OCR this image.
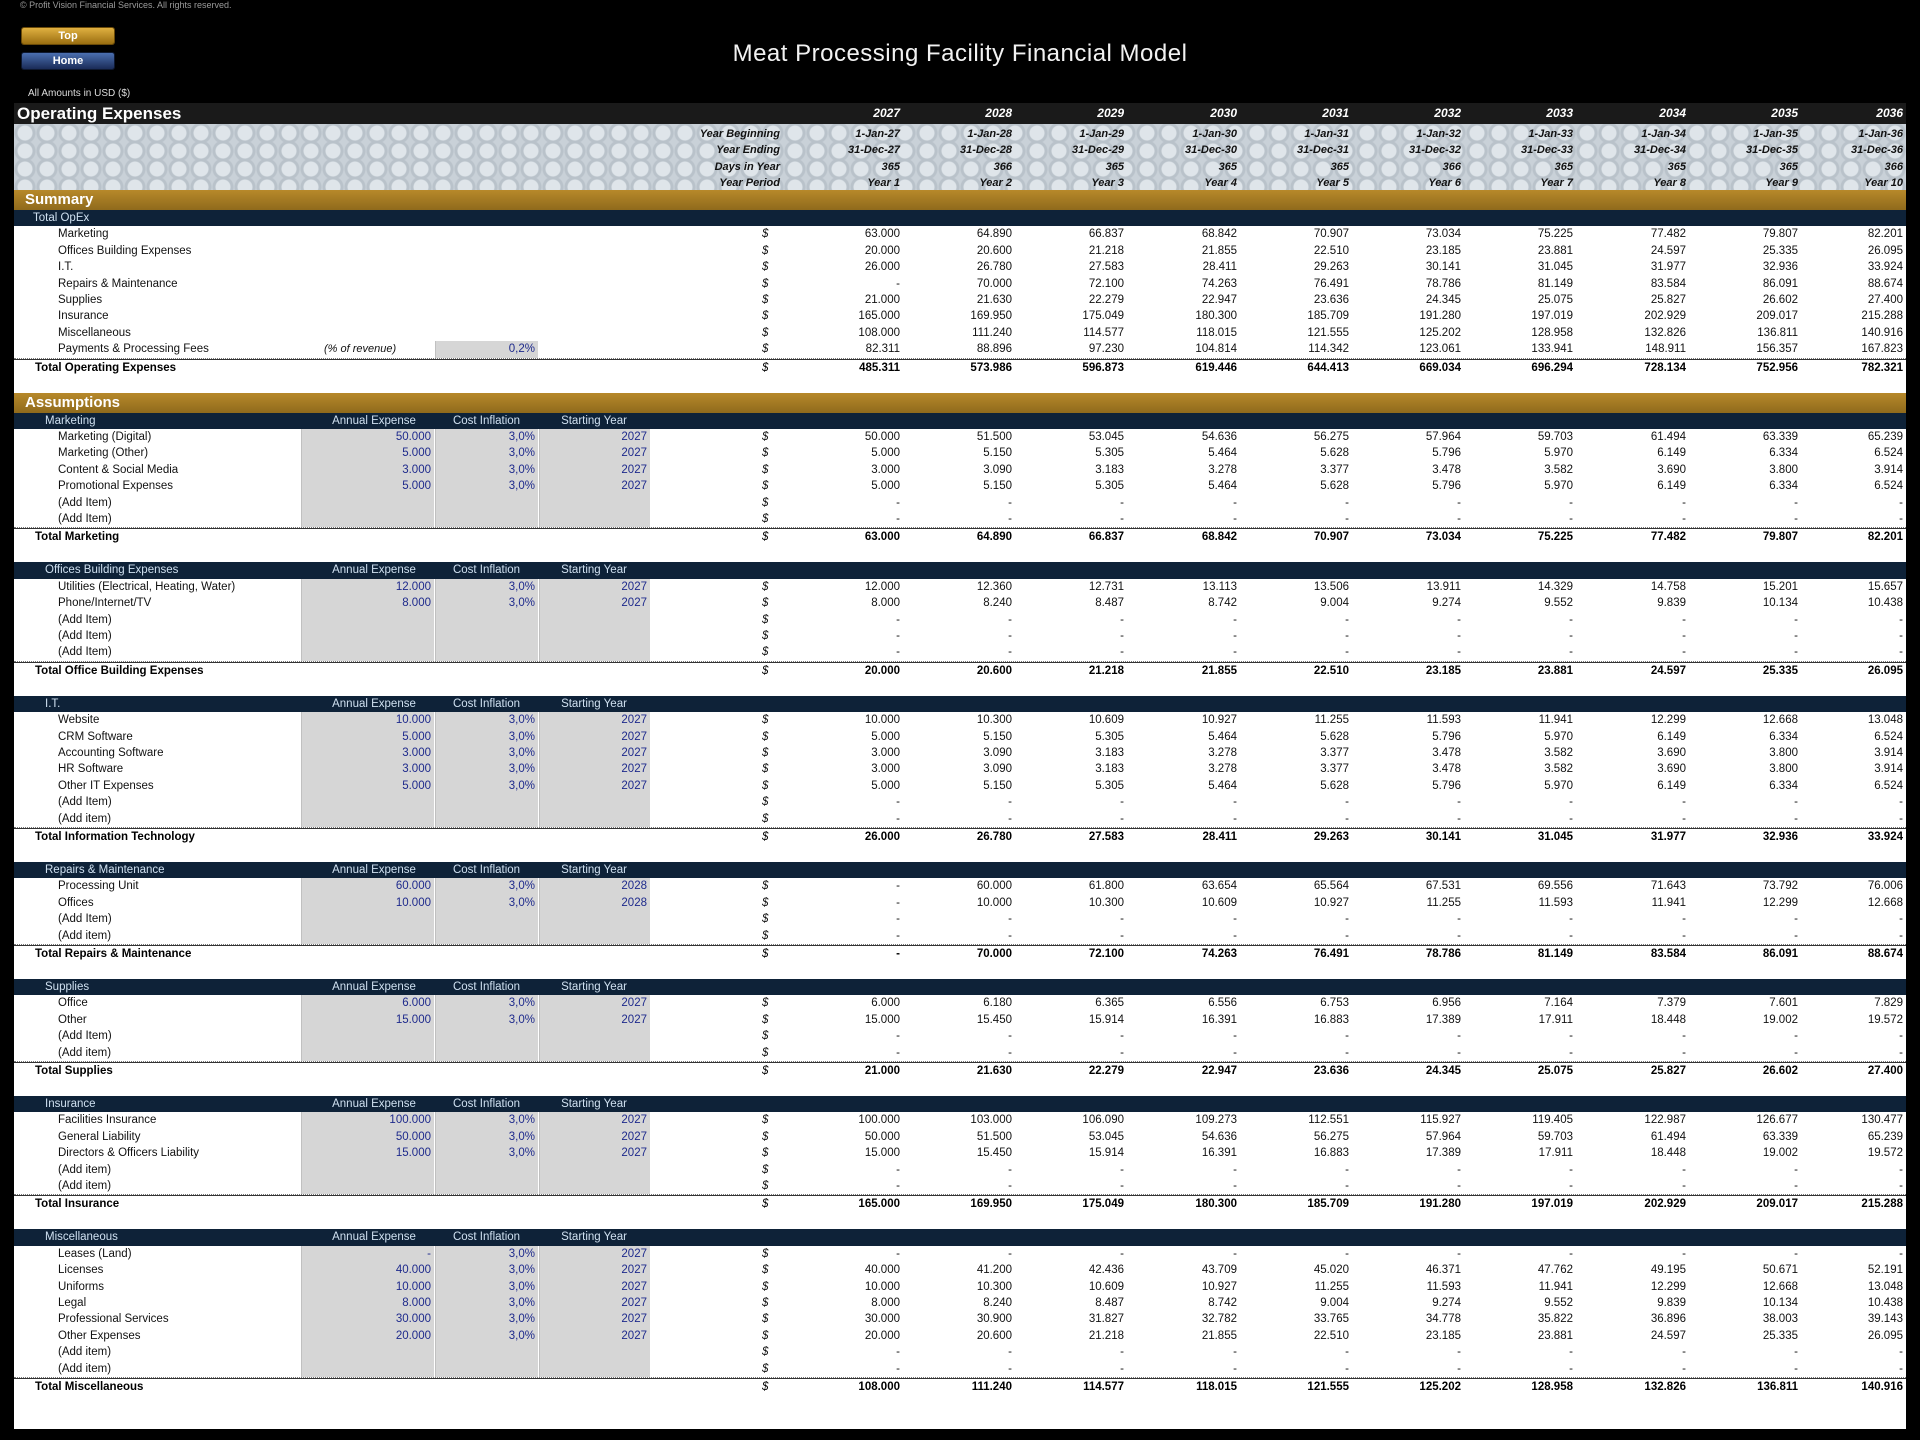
© Profit Vision Financial Services. All rights reserved.
Top
Home	Meat Processing Facility Financial Model
All Amounts in USD ($)
Operating Expenses	2027	2028	2029	2030	2031	2032	2033	2034	2035	2036
Year Beginning	1-Jan-27	1-Jan-28	1-Jan-29	1-Jan-30	1-Jan-31	1-Jan-32	1-Jan-33	1-Jan-34	1-Jan-35	1-Jan-36
Year Ending	31-Dec-27	31-Dec-28	31-Dec-29	31-Dec-30	31-Dec-31	31-Dec-32	31-Dec-33	31-Dec-34	31-Dec-35	31-Dec-36
Days in Year	365	366	365	365	365	366	365	365	365	366
Year Period	Year 1	Year 2	Year 3	Year 4	Year 5	Year 6	Year 7	Year 8	Year 9	Year 10
Summary
Total OpEx
Marketing	$	63.000	64.890	66.837	68.842	70.907	73.034	75.225	77.482	79.807	82.201
Offices Building Expenses	$	20.000	20.600	21.218	21.855	22.510	23.185	23.881	24.597	25.335	26.095
I.T.	$	26.000	26.780	27.583	28.411	29.263	30.141	31.045	31.977	32.936	33.924
Repairs & Maintenance	$	-	70.000	72.100	74.263	76.491	78.786	81.149	83.584	86.091	88.674
Supplies	$	21.000	21.630	22.279	22.947	23.636	24.345	25.075	25.827	26.602	27.400
Insurance	$	165.000	169.950	175.049	180.300	185.709	191.280	197.019	202.929	209.017	215.288
Miscellaneous	$	108.000	111.240	114.577	118.015	121.555	125.202	128.958	132.826	136.811	140.916
Payments & Processing Fees	(% of revenue)	0,2%	$	82.311	88.896	97.230	104.814	114.342	123.061	133.941	148.911	156.357	167.823
Total Operating Expenses	$	485.311	573.986	596.873	619.446	644.413	669.034	696.294	728.134	752.956	782.321
Assumptions
Marketing	Annual Expense	Cost Inflation	Starting Year
Marketing (Digital)	50.000	3,0%	2027	$	50.000	51.500	53.045	54.636	56.275	57.964	59.703	61.494	63.339	65.239
Marketing (Other)	5.000	3,0%	2027	$	5.000	5.150	5.305	5.464	5.628	5.796	5.970	6.149	6.334	6.524
Content & Social Media	3.000	3,0%	2027	$	3.000	3.090	3.183	3.278	3.377	3.478	3.582	3.690	3.800	3.914
Promotional Expenses	5.000	3,0%	2027	$	5.000	5.150	5.305	5.464	5.628	5.796	5.970	6.149	6.334	6.524
(Add Item)	$	-	-	-	-	-	-	-	-	-	-
(Add Item)	$	-	-	-	-	-	-	-	-	-	-
Total Marketing	$	63.000	64.890	66.837	68.842	70.907	73.034	75.225	77.482	79.807	82.201
Offices Building Expenses	Annual Expense	Cost Inflation	Starting Year
Utilities (Electrical, Heating, Water)	12.000	3,0%	2027	$	12.000	12.360	12.731	13.113	13.506	13.911	14.329	14.758	15.201	15.657
Phone/Internet/TV	8.000	3,0%	2027	$	8.000	8.240	8.487	8.742	9.004	9.274	9.552	9.839	10.134	10.438
(Add Item)	$	-	-	-	-	-	-	-	-	-	-
(Add Item)	$	-	-	-	-	-	-	-	-	-	-
(Add Item)	$	-	-	-	-	-	-	-	-	-	-
Total Office Building Expenses	$	20.000	20.600	21.218	21.855	22.510	23.185	23.881	24.597	25.335	26.095
I.T.	Annual Expense	Cost Inflation	Starting Year
Website	10.000	3,0%	2027	$	10.000	10.300	10.609	10.927	11.255	11.593	11.941	12.299	12.668	13.048
CRM Software	5.000	3,0%	2027	$	5.000	5.150	5.305	5.464	5.628	5.796	5.970	6.149	6.334	6.524
Accounting Software	3.000	3,0%	2027	$	3.000	3.090	3.183	3.278	3.377	3.478	3.582	3.690	3.800	3.914
HR Software	3.000	3,0%	2027	$	3.000	3.090	3.183	3.278	3.377	3.478	3.582	3.690	3.800	3.914
Other IT Expenses	5.000	3,0%	2027	$	5.000	5.150	5.305	5.464	5.628	5.796	5.970	6.149	6.334	6.524
(Add Item)	$	-	-	-	-	-	-	-	-	-	-
(Add item)	$	-	-	-	-	-	-	-	-	-	-
Total Information Technology	$	26.000	26.780	27.583	28.411	29.263	30.141	31.045	31.977	32.936	33.924
Repairs & Maintenance	Annual Expense	Cost Inflation	Starting Year
Processing Unit	60.000	3,0%	2028	$	-	60.000	61.800	63.654	65.564	67.531	69.556	71.643	73.792	76.006
Offices	10.000	3,0%	2028	$	-	10.000	10.300	10.609	10.927	11.255	11.593	11.941	12.299	12.668
(Add Item)	$	-	-	-	-	-	-	-	-	-	-
(Add item)	$	-	-	-	-	-	-	-	-	-	-
Total Repairs & Maintenance	$	-	70.000	72.100	74.263	76.491	78.786	81.149	83.584	86.091	88.674
Supplies	Annual Expense	Cost Inflation	Starting Year
Office	6.000	3,0%	2027	$	6.000	6.180	6.365	6.556	6.753	6.956	7.164	7.379	7.601	7.829
Other	15.000	3,0%	2027	$	15.000	15.450	15.914	16.391	16.883	17.389	17.911	18.448	19.002	19.572
(Add Item)	$	-	-	-	-	-	-	-	-	-	-
(Add item)	$	-	-	-	-	-	-	-	-	-	-
Total Supplies	$	21.000	21.630	22.279	22.947	23.636	24.345	25.075	25.827	26.602	27.400
Insurance	Annual Expense	Cost Inflation	Starting Year
Facilities Insurance	100.000	3,0%	2027	$	100.000	103.000	106.090	109.273	112.551	115.927	119.405	122.987	126.677	130.477
General Liability	50.000	3,0%	2027	$	50.000	51.500	53.045	54.636	56.275	57.964	59.703	61.494	63.339	65.239
Directors & Officers Liability	15.000	3,0%	2027	$	15.000	15.450	15.914	16.391	16.883	17.389	17.911	18.448	19.002	19.572
(Add item)	$	-	-	-	-	-	-	-	-	-	-
(Add item)	$	-	-	-	-	-	-	-	-	-	-
Total Insurance	$	165.000	169.950	175.049	180.300	185.709	191.280	197.019	202.929	209.017	215.288
Miscellaneous	Annual Expense	Cost Inflation	Starting Year
Leases (Land)	-	3,0%	2027	$	-	-	-	-	-	-	-	-	-	-
Licenses	40.000	3,0%	2027	$	40.000	41.200	42.436	43.709	45.020	46.371	47.762	49.195	50.671	52.191
Uniforms	10.000	3,0%	2027	$	10.000	10.300	10.609	10.927	11.255	11.593	11.941	12.299	12.668	13.048
Legal	8.000	3,0%	2027	$	8.000	8.240	8.487	8.742	9.004	9.274	9.552	9.839	10.134	10.438
Professional Services	30.000	3,0%	2027	$	30.000	30.900	31.827	32.782	33.765	34.778	35.822	36.896	38.003	39.143
Other Expenses	20.000	3,0%	2027	$	20.000	20.600	21.218	21.855	22.510	23.185	23.881	24.597	25.335	26.095
(Add item)	$	-	-	-	-	-	-	-	-	-	-
(Add item)	$	-	-	-	-	-	-	-	-	-	-
Total Miscellaneous	$	108.000	111.240	114.577	118.015	121.555	125.202	128.958	132.826	136.811	140.916
